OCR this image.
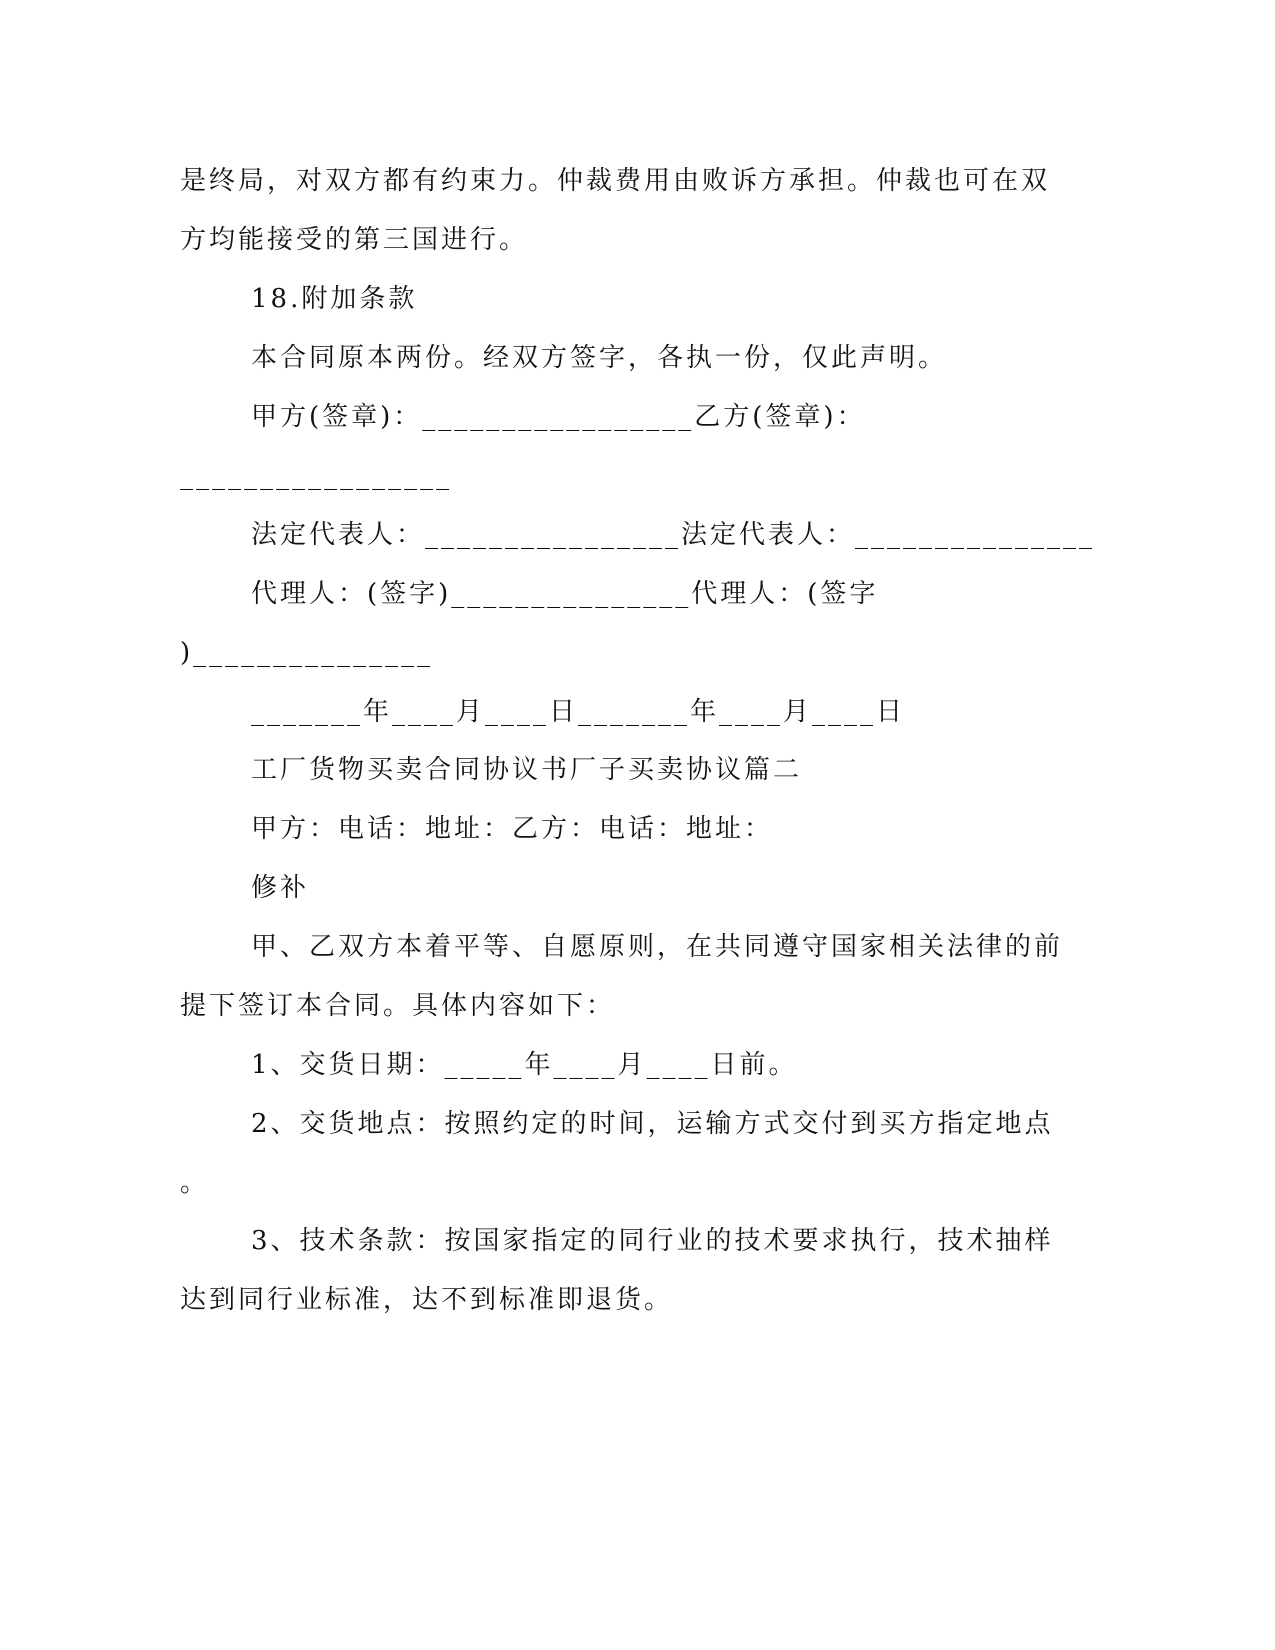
是终局，对双方都有约束力。仲裁费用由败诉方承担。仲裁也可在双
方均能接受的第三国进行。
18.附加条款
本合同原本两份。经双方签字，各执一份，仅此声明。
甲方(签章)：_________________乙方(签章)：
_________________
法定代表人：________________法定代表人：_______________
代理人：(签字)_______________代理人：(签字
)_______________
_______年____月____日_______年____月____日
工厂货物买卖合同协议书厂子买卖协议篇二
甲方：电话：地址：乙方：电话：地址：
修补
甲、乙双方本着平等、自愿原则，在共同遵守国家相关法律的前
提下签订本合同。具体内容如下：
1、交货日期：_____年____月____日前。
2、交货地点：按照约定的时间，运输方式交付到买方指定地点
。
3、技术条款：按国家指定的同行业的技术要求执行，技术抽样
达到同行业标准，达不到标准即退货。
